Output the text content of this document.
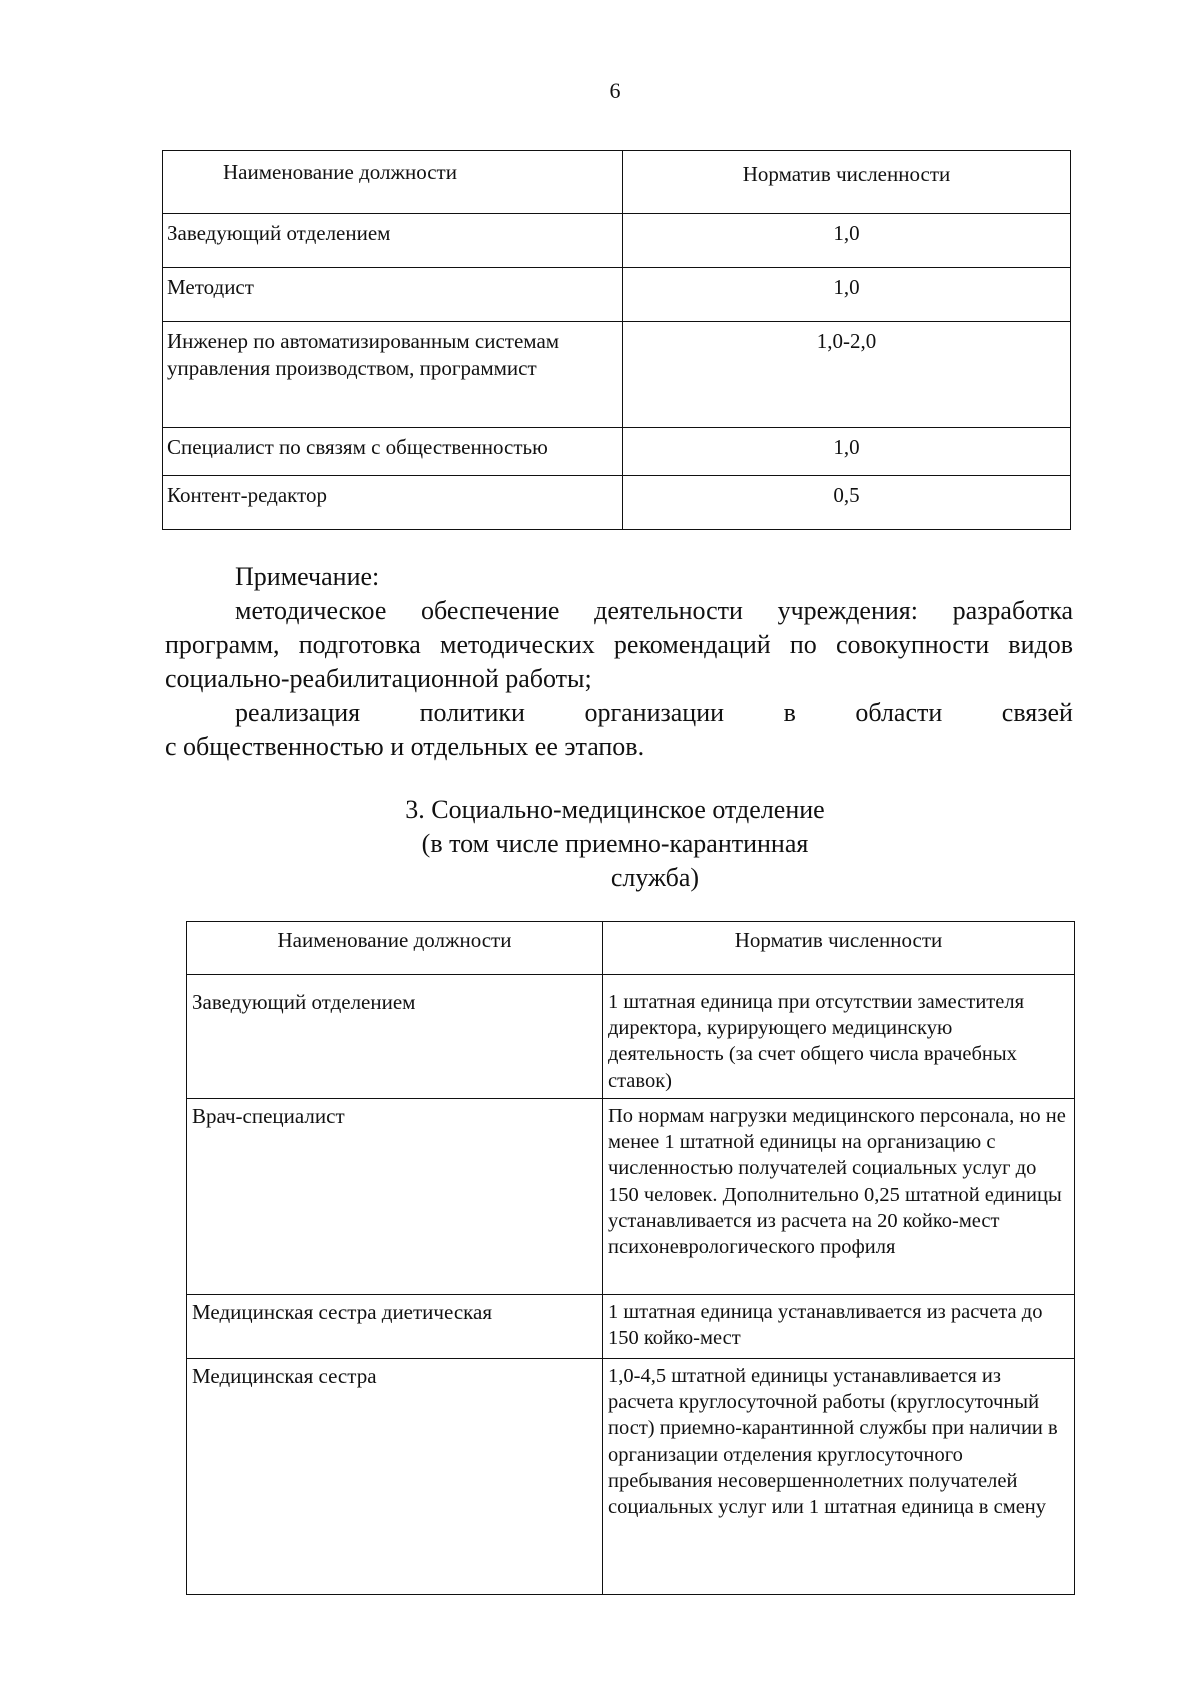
6
Наименование должности	Норматив численности
Заведующий отделением	1,0
Методист	1,0
Инженер по автоматизированным системам управления производством, программист	1,0-2,0
Специалист по связям с общественностью	1,0
Контент-редактор	0,5
Примечание:
методическое обеспечение деятельности учреждения: разработка программ, подготовка методических рекомендаций по совокупности видов социально-реабилитационной работы;
реализация политики организации в области связей
с общественностью и отдельных ее этапов.
3. Социально-медицинское отделение
(в том числе приемно-карантинная
служба)
Наименование должности	Норматив численности
Заведующий отделением	1 штатная единица при отсутствии заместителя директора, курирующего медицинскую деятельность (за счет общего числа врачебных ставок)
Врач-специалист	По нормам нагрузки медицинского персонала, но не менее 1 штатной единицы на организацию с численностью получателей социальных услуг до 150 человек. Дополнительно 0,25 штатной единицы устанавливается из расчета на 20 койко-мест психоневрологического профиля
Медицинская сестра диетическая	1 штатная единица устанавливается из расчета до 150 койко-мест
Медицинская сестра	1,0-4,5 штатной единицы устанавливается из расчета круглосуточной работы (круглосуточный пост) приемно-карантинной службы при наличии в организации отделения круглосуточного пребывания несовершеннолетних получателей социальных услуг или 1 штатная единица в смену
